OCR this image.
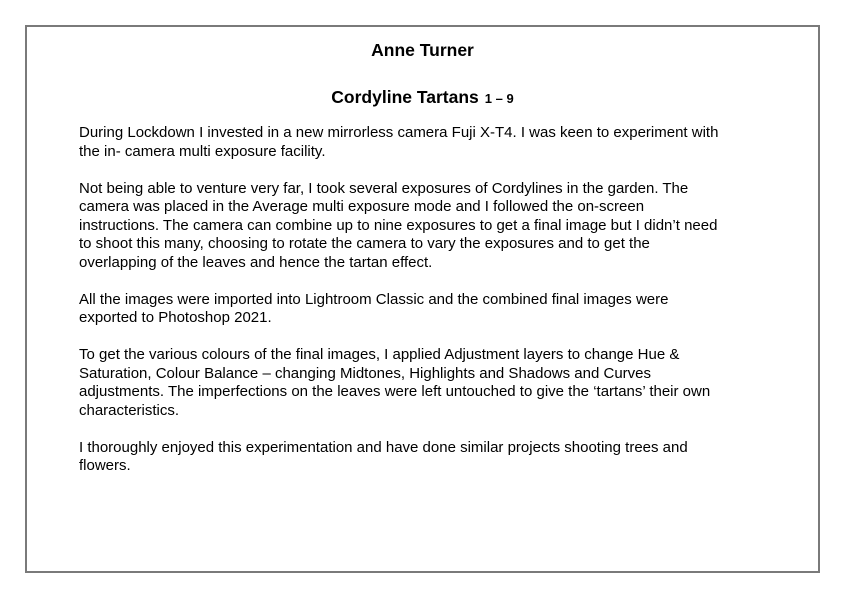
Anne Turner
Cordyline Tartans 1 – 9

During Lockdown I invested in a new mirrorless camera Fuji X-T4. I was keen to experiment with
the in- camera multi exposure facility.

Not being able to venture very far, I took several exposures of Cordylines in the garden. The
camera was placed in the Average multi exposure mode and I followed the on-screen
instructions. The camera can combine up to nine exposures to get a final image but I didn’t need
to shoot this many, choosing to rotate the camera to vary the exposures and to get the
overlapping of the leaves and hence the tartan effect.

All the images were imported into Lightroom Classic and the combined final images were
exported to Photoshop 2021.

To get the various colours of the final images, I applied Adjustment layers to change Hue &
Saturation, Colour Balance – changing Midtones, Highlights and Shadows and Curves
adjustments. The imperfections on the leaves were left untouched to give the ‘tartans’ their own
characteristics.

I thoroughly enjoyed this experimentation and have done similar projects shooting trees and
flowers.
